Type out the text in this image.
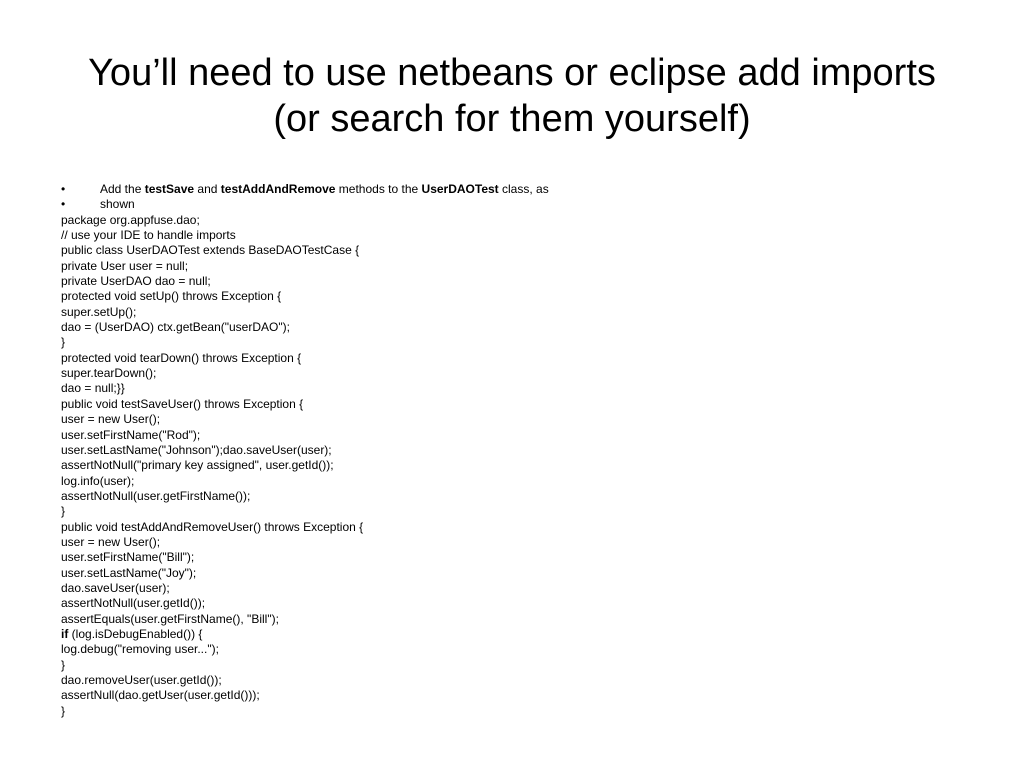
You’ll need to use netbeans or eclipse add imports
(or search for them yourself)
•	Add the testSave and testAddAndRemove methods to the UserDAOTest class, as
•	shown
package org.appfuse.dao;
// use your IDE to handle imports
public class UserDAOTest extends BaseDAOTestCase {
private User user = null;
private UserDAO dao = null;
protected void setUp() throws Exception {
super.setUp();
dao = (UserDAO) ctx.getBean("userDAO");
}
protected void tearDown() throws Exception {
super.tearDown();
dao = null;}}
public void testSaveUser() throws Exception {
user = new User();
user.setFirstName("Rod");
user.setLastName("Johnson");dao.saveUser(user);
assertNotNull("primary key assigned", user.getId());
log.info(user);
assertNotNull(user.getFirstName());
}
public void testAddAndRemoveUser() throws Exception {
user = new User();
user.setFirstName("Bill");
user.setLastName("Joy");
dao.saveUser(user);
assertNotNull(user.getId());
assertEquals(user.getFirstName(), "Bill");
if (log.isDebugEnabled()) {
log.debug("removing user...");
}
dao.removeUser(user.getId());
assertNull(dao.getUser(user.getId()));
}
